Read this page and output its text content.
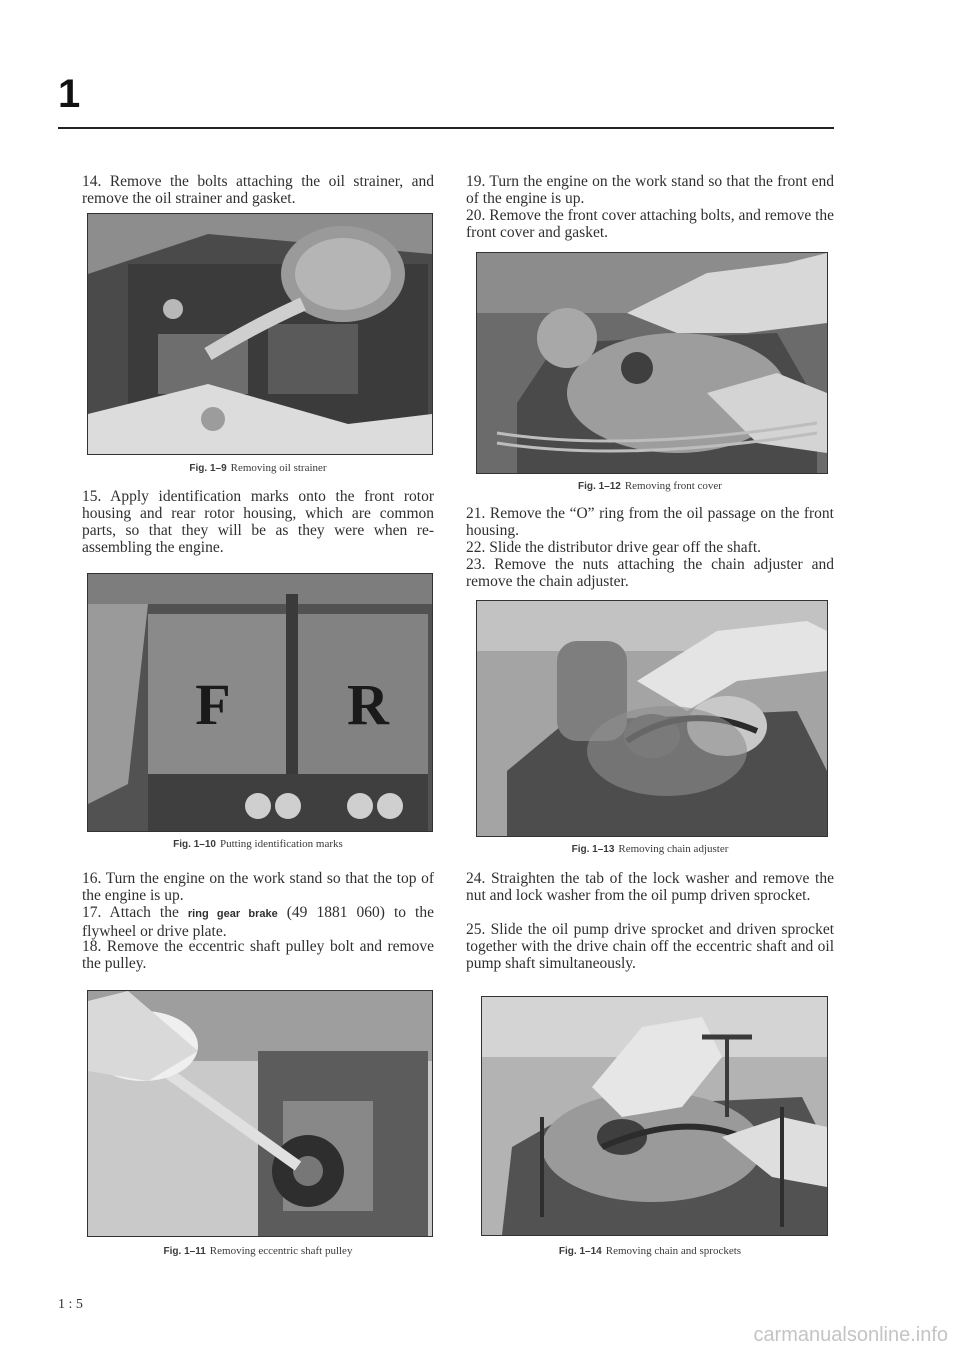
1

14. Remove the bolts attaching the oil strainer, and remove the oil strainer and gasket.

Fig. 1–9 Removing oil strainer

15. Apply identification marks onto the front rotor housing and rear rotor housing, which are common parts, so that they will be as they were when re-assembling the engine.

F R
Fig. 1–10 Putting identification marks

16. Turn the engine on the work stand so that the top of the engine is up.

17. Attach the ring gear brake (49 1881 060) to the flywheel or drive plate.

18. Remove the eccentric shaft pulley bolt and remove the pulley.

Fig. 1–11 Removing eccentric shaft pulley

19. Turn the engine on the work stand so that the front end of the engine is up.

20. Remove the front cover attaching bolts, and remove the front cover and gasket.

Fig. 1–12 Removing front cover

21. Remove the “O” ring from the oil passage on the front housing.

22. Slide the distributor drive gear off the shaft.

23. Remove the nuts attaching the chain adjuster and remove the chain adjuster.

Fig. 1–13 Removing chain adjuster

24. Straighten the tab of the lock washer and remove the nut and lock washer from the oil pump driven sprocket.

25. Slide the oil pump drive sprocket and driven sprocket together with the drive chain off the eccentric shaft and oil pump shaft simultaneously.

Fig. 1–14 Removing chain and sprockets
1 : 5
carmanualsonline.info
